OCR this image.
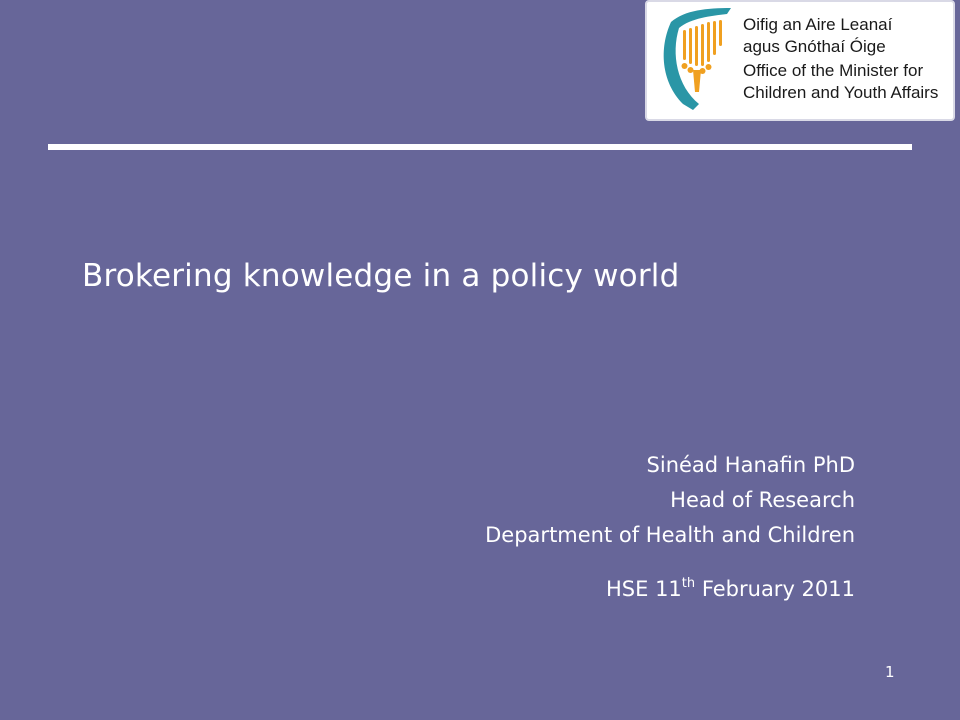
Oifig an Aire Leanaí
agus Gnóthaí Óige
Office of the Minister for
Children and Youth Affairs
Brokering knowledge in a policy world
Sinéad Hanafin PhD
Head of Research
Department of Health and Children
HSE 11th February 2011
1
